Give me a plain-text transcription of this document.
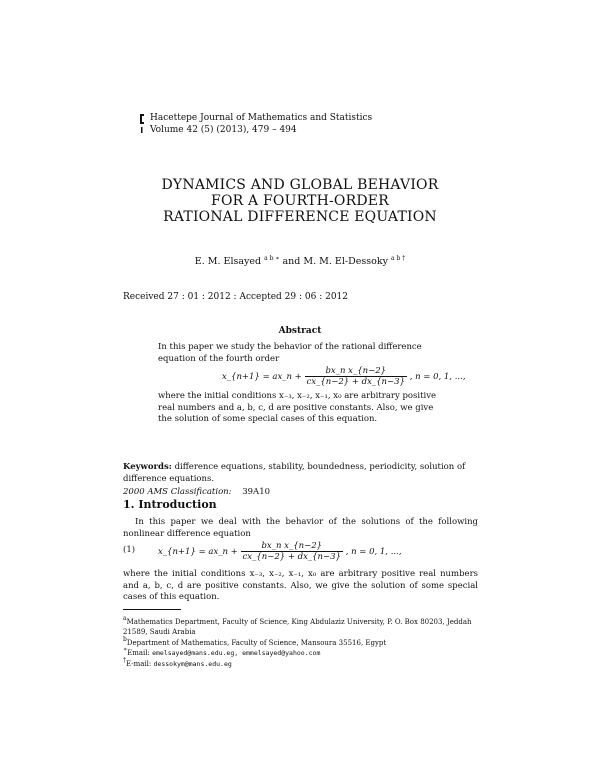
Hacettepe Journal of Mathematics and Statistics
Volume 42 (5) (2013), 479 – 494
DYNAMICS AND GLOBAL BEHAVIOR
FOR A FOURTH-ORDER
RATIONAL DIFFERENCE EQUATION
E. M. Elsayed $^{a b ∗}$ and M. M. El-Dessoky $^{a b \dagger}$
Received 27 : 01 : 2012 : Accepted 29 : 06 : 2012
Abstract
In this paper we study the behavior of the rational difference equation of the fourth order
x_{n+1} = ax_n + $\frac{\text{bx\_n x\_\{n−2\}}}{cx\_\{n-2\} + dx\_\{n-3\}}$ , n = 0, 1, ...,
where the initial conditions x₋₃, x₋₂, x₋₁, x₀ are arbitrary positive real numbers and a, b, c, d are positive constants. Also, we give the solution of some special cases of this equation.
Keywords: difference equations, stability, boundedness, periodicity, solution of difference equations.
2000 AMS Classification: 39A10
1. Introduction
In this paper we deal with the behavior of the solutions of the following nonlinear difference equation
(1)	x_{n+1} = ax_n + $\frac{\text{bx\_n x\_\{n−2\}}}{cx\_\{n-2\} + dx\_\{n-3\}}$ , n = 0, 1, ...,
where the initial conditions x₋₃, x₋₂, x₋₁, x₀ are arbitrary positive real numbers and a, b, c, d are positive constants. Also, we give the solution of some special cases of this equation.
aMathematics Department, Faculty of Science, King Abdulaziz University, P. O. Box 80203, Jeddah 21589, Saudi Arabia
bDepartment of Mathematics, Faculty of Science, Mansoura 35516, Egypt
∗Email: emelsayed@mans.edu.eg, emmelsayed@yahoo.com
†E-mail: dessokym@mans.edu.eg
